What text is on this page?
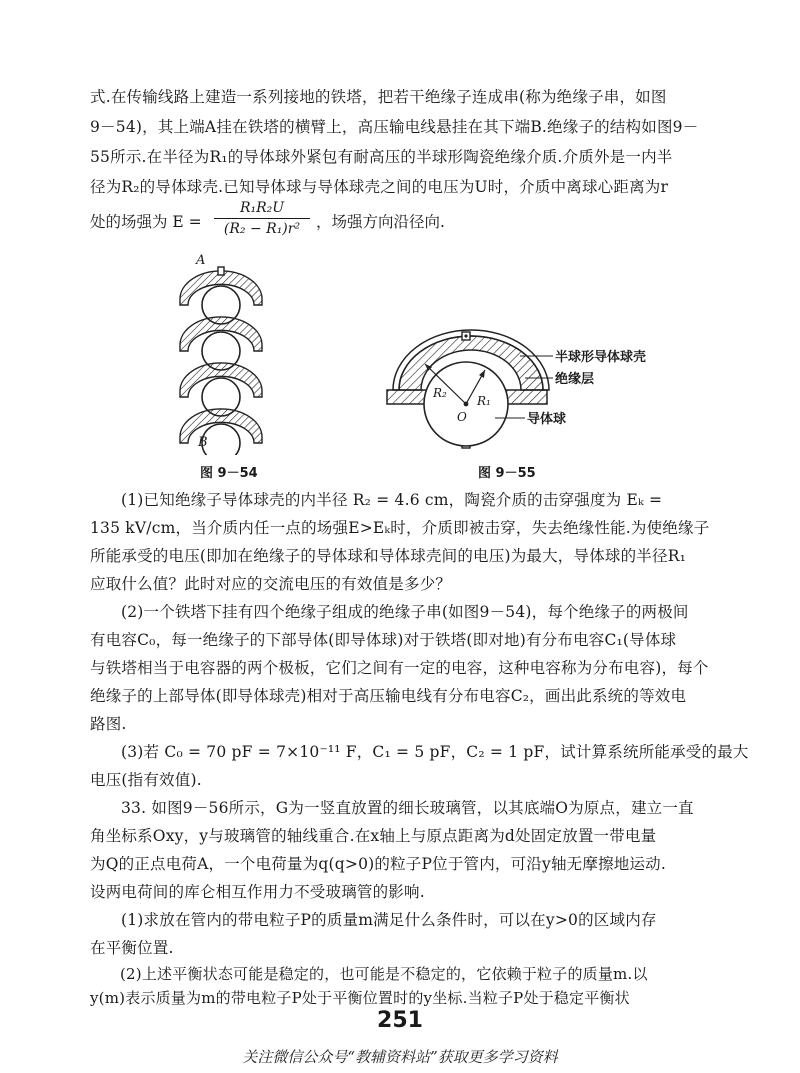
式.在传输线路上建造一系列接地的铁塔，把若干绝缘子连成串(称为绝缘子串，如图
9－54)，其上端A挂在铁塔的横臂上，高压输电线悬挂在其下端B.绝缘子的结构如图9－
55所示.在半径为R₁的导体球外紧包有耐高压的半球形陶瓷绝缘介质.介质外是一内半
径为R₂的导体球壳.已知导体球与导体球壳之间的电压为U时，介质中离球心距离为r
处的场强为 E =
R₁R₂U
(R₂ − R₁)r²	，场强方向沿径向.
A
B
图 9－54
半球形导体球壳
绝缘层
导体球
R₂
R₁
O
图 9－55
(1)已知绝缘子导体球壳的内半径 R₂ = 4.6 cm，陶瓷介质的击穿强度为 Eₖ =
135 kV/cm，当介质内任一点的场强E>Eₖ时，介质即被击穿，失去绝缘性能.为使绝缘子
所能承受的电压(即加在绝缘子的导体球和导体球壳间的电压)为最大，导体球的半径R₁
应取什么值？此时对应的交流电压的有效值是多少？
(2)一个铁塔下挂有四个绝缘子组成的绝缘子串(如图9－54)，每个绝缘子的两极间
有电容C₀，每一绝缘子的下部导体(即导体球)对于铁塔(即对地)有分布电容C₁(导体球
与铁塔相当于电容器的两个极板，它们之间有一定的电容，这种电容称为分布电容)，每个
绝缘子的上部导体(即导体球壳)相对于高压输电线有分布电容C₂，画出此系统的等效电
路图.
(3)若 C₀ = 70 pF = 7×10⁻¹¹ F，C₁ = 5 pF，C₂ = 1 pF，试计算系统所能承受的最大
电压(指有效值).
33. 如图9－56所示，G为一竖直放置的细长玻璃管，以其底端O为原点，建立一直
角坐标系Oxy，y与玻璃管的轴线重合.在x轴上与原点距离为d处固定放置一带电量
为Q的正点电荷A，一个电荷量为q(q>0)的粒子P位于管内，可沿y轴无摩擦地运动.
设两电荷间的库仑相互作用力不受玻璃管的影响.
(1)求放在管内的带电粒子P的质量m满足什么条件时，可以在y>0的区域内存
在平衡位置.
251
关注微信公众号“教辅资料站”获取更多学习资料
(2)上述平衡状态可能是稳定的，也可能是不稳定的，它依赖于粒子的质量m.以
y(m)表示质量为m的带电粒子P处于平衡位置时的y坐标.当粒子P处于稳定平衡状
